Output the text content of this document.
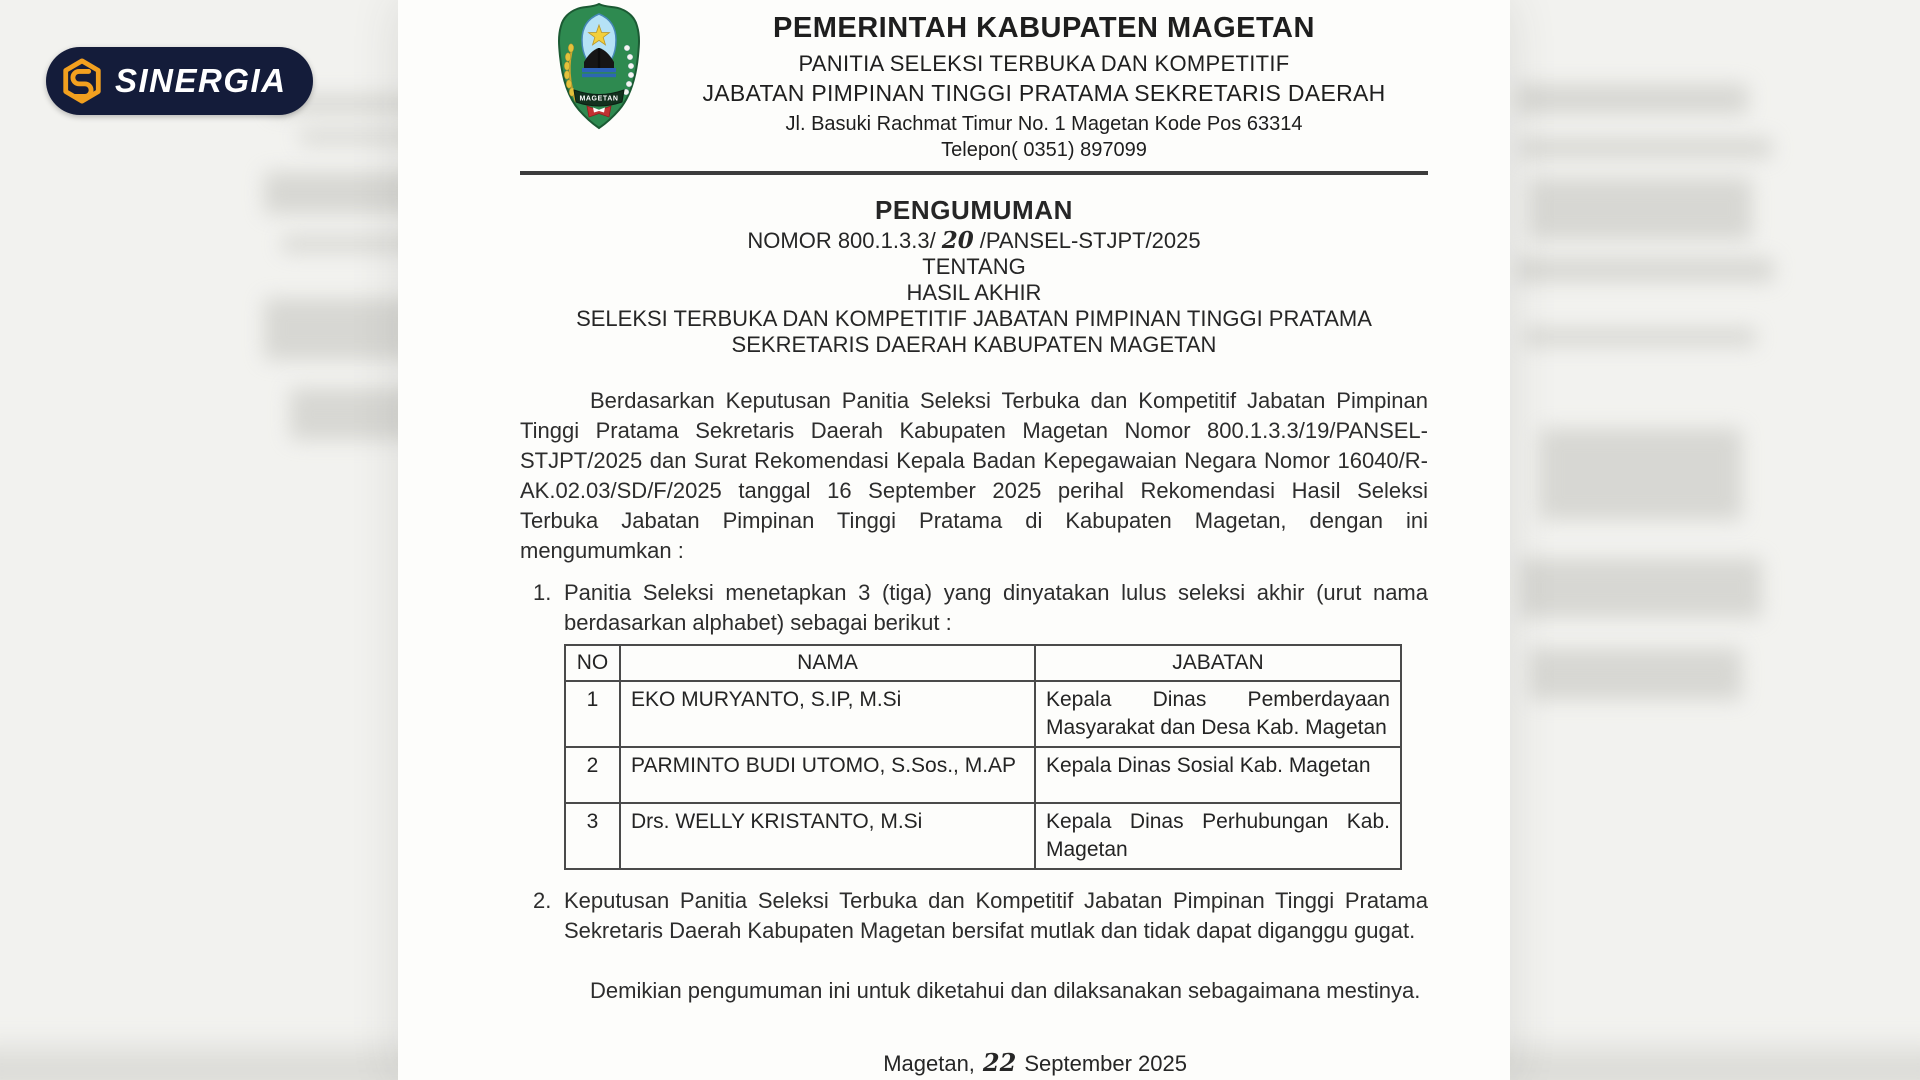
MAGETAN
PEMERINTAH KABUPATEN MAGETAN
PANITIA SELEKSI TERBUKA DAN KOMPETITIF
JABATAN PIMPINAN TINGGI PRATAMA SEKRETARIS DAERAH
Jl. Basuki Rachmat Timur No. 1 Magetan Kode Pos 63314
Telepon( 0351) 897099
PENGUMUMAN
NOMOR 800.1.3.3/ 20 /PANSEL-STJPT/2025
TENTANG
HASIL AKHIR
SELEKSI TERBUKA DAN KOMPETITIF JABATAN PIMPINAN TINGGI PRATAMA
SEKRETARIS DAERAH KABUPATEN MAGETAN

Berdasarkan Keputusan Panitia Seleksi Terbuka dan Kompetitif Jabatan Pimpinan Tinggi Pratama Sekretaris Daerah Kabupaten Magetan Nomor 800.1.3.3/19/PANSEL-STJPT/2025 dan Surat Rekomendasi Kepala Badan Kepegawaian Negara Nomor 16040/R-AK.02.03/SD/F/2025 tanggal 16 September 2025 perihal Rekomendasi Hasil Seleksi Terbuka Jabatan Pimpinan Tinggi Pratama di Kabupaten Magetan, dengan ini mengumumkan :

1. Panitia Seleksi menetapkan 3 (tiga) yang dinyatakan lulus seleksi akhir (urut nama berdasarkan alphabet) sebagai berikut :
NO	NAMA	JABATAN
1	EKO MURYANTO, S.IP, M.Si	Kepala Dinas Pemberdayaan Masyarakat dan Desa Kab. Magetan
2	PARMINTO BUDI UTOMO, S.Sos., M.AP	Kepala Dinas Sosial Kab. Magetan
3	Drs. WELLY KRISTANTO, M.Si	Kepala Dinas Perhubungan Kab. Magetan
2. Keputusan Panitia Seleksi Terbuka dan Kompetitif Jabatan Pimpinan Tinggi Pratama Sekretaris Daerah Kabupaten Magetan bersifat mutlak dan tidak dapat diganggu gugat.

Demikian pengumuman ini untuk diketahui dan dilaksanakan sebagaimana mestinya.

Magetan, 22 September 2025
SINERGIA
